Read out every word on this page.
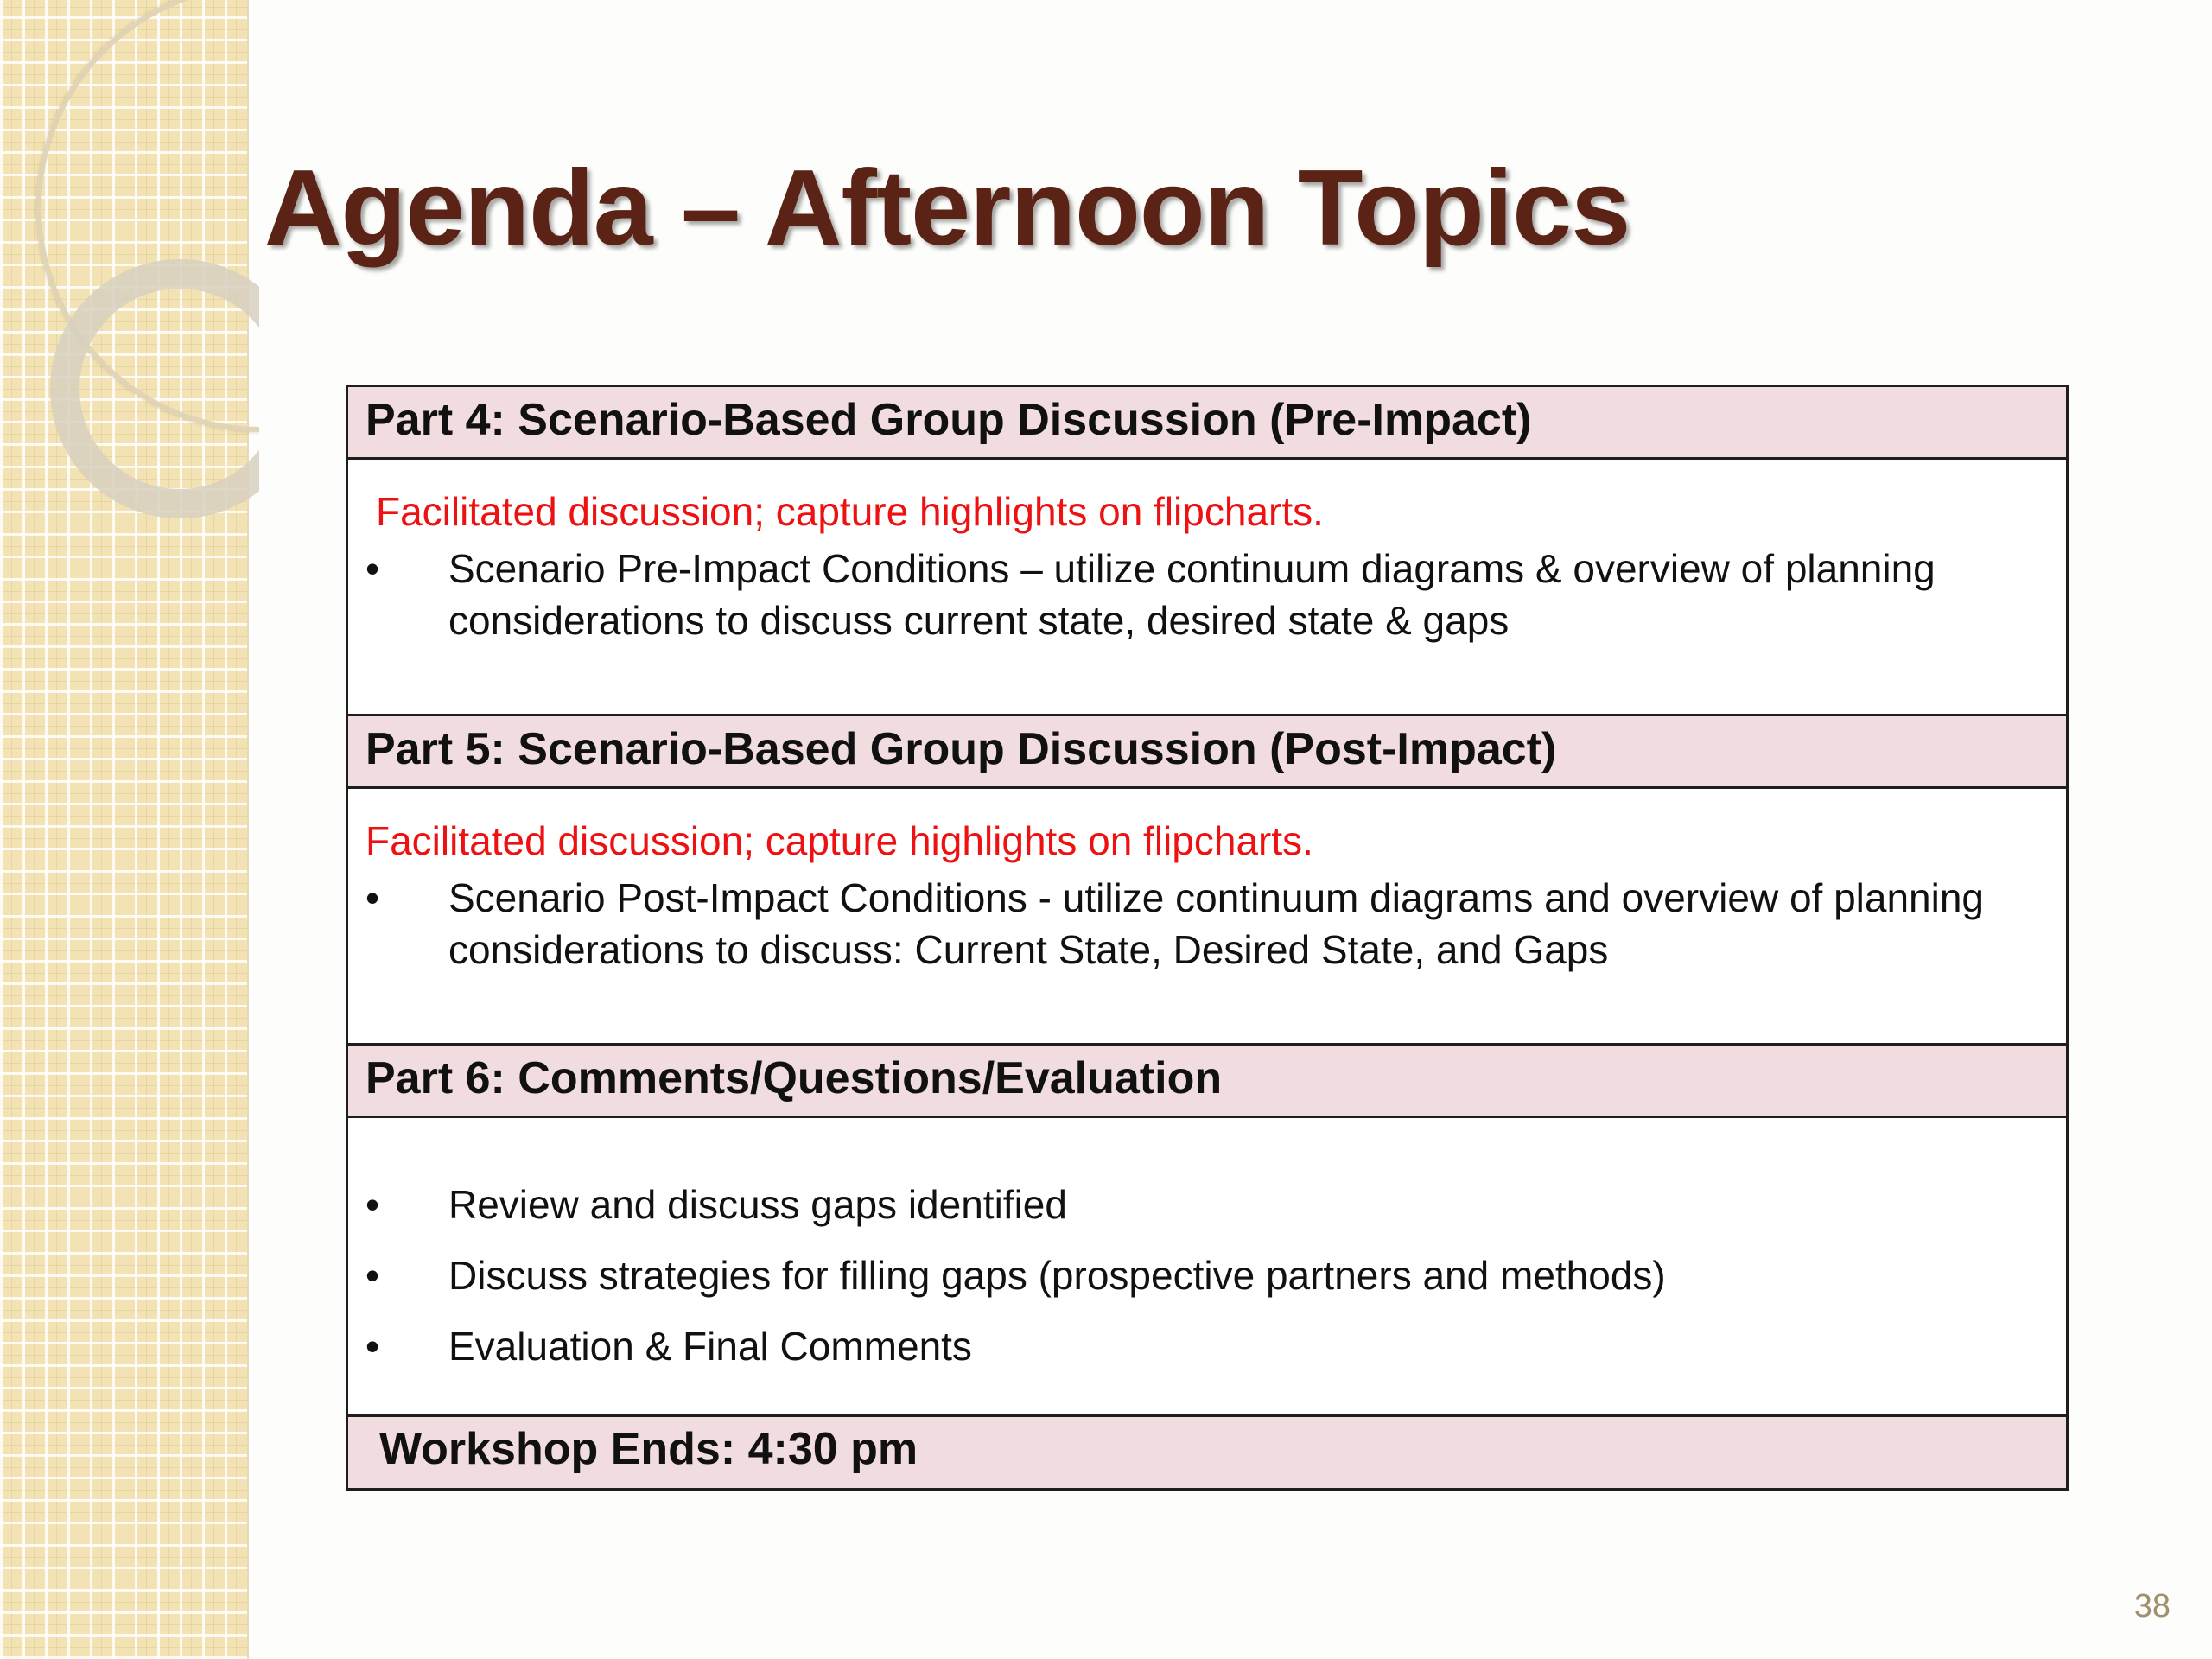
Agenda – Afternoon Topics
Part 4: Scenario-Based Group Discussion (Pre-Impact)
Facilitated discussion; capture highlights on flipcharts.
• Scenario Pre-Impact Conditions – utilize continuum diagrams & overview of planning considerations to discuss current state, desired state & gaps
Part 5: Scenario-Based Group Discussion (Post-Impact)
Facilitated discussion; capture highlights on flipcharts.
• Scenario Post-Impact Conditions - utilize continuum diagrams and overview of planning considerations to discuss: Current State, Desired State, and Gaps
Part 6: Comments/Questions/Evaluation
• Review and discuss gaps identified
• Discuss strategies for filling gaps (prospective partners and methods)
• Evaluation & Final Comments
Workshop Ends: 4:30 pm
38
